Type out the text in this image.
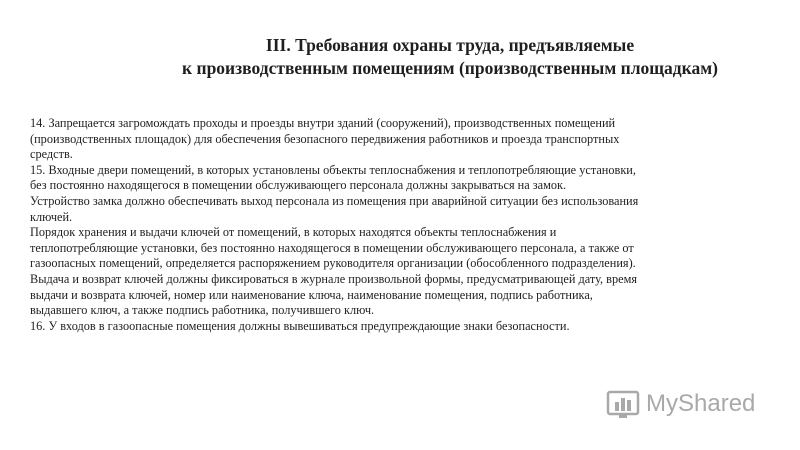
III. Требования охраны труда, предъявляемые
к производственным помещениям (производственным площадкам)
14. Запрещается загромождать проходы и проезды внутри зданий (сооружений), производственных помещений
(производственных площадок) для обеспечения безопасного передвижения работников и проезда транспортных
средств.
15. Входные двери помещений, в которых установлены объекты теплоснабжения и теплопотребляющие установки,
без постоянно находящегося в помещении обслуживающего персонала должны закрываться на замок.
Устройство замка должно обеспечивать выход персонала из помещения при аварийной ситуации без использования
ключей.
Порядок хранения и выдачи ключей от помещений, в которых находятся объекты теплоснабжения и
теплопотребляющие установки, без постоянно находящегося в помещении обслуживающего персонала, а также от
газоопасных помещений, определяется распоряжением руководителя организации (обособленного подразделения).
Выдача и возврат ключей должны фиксироваться в журнале произвольной формы, предусматривающей дату, время
выдачи и возврата ключей, номер или наименование ключа, наименование помещения, подпись работника,
выдавшего ключ, а также подпись работника, получившего ключ.
16. У входов в газоопасные помещения должны вывешиваться предупреждающие знаки безопасности.
MyShared
